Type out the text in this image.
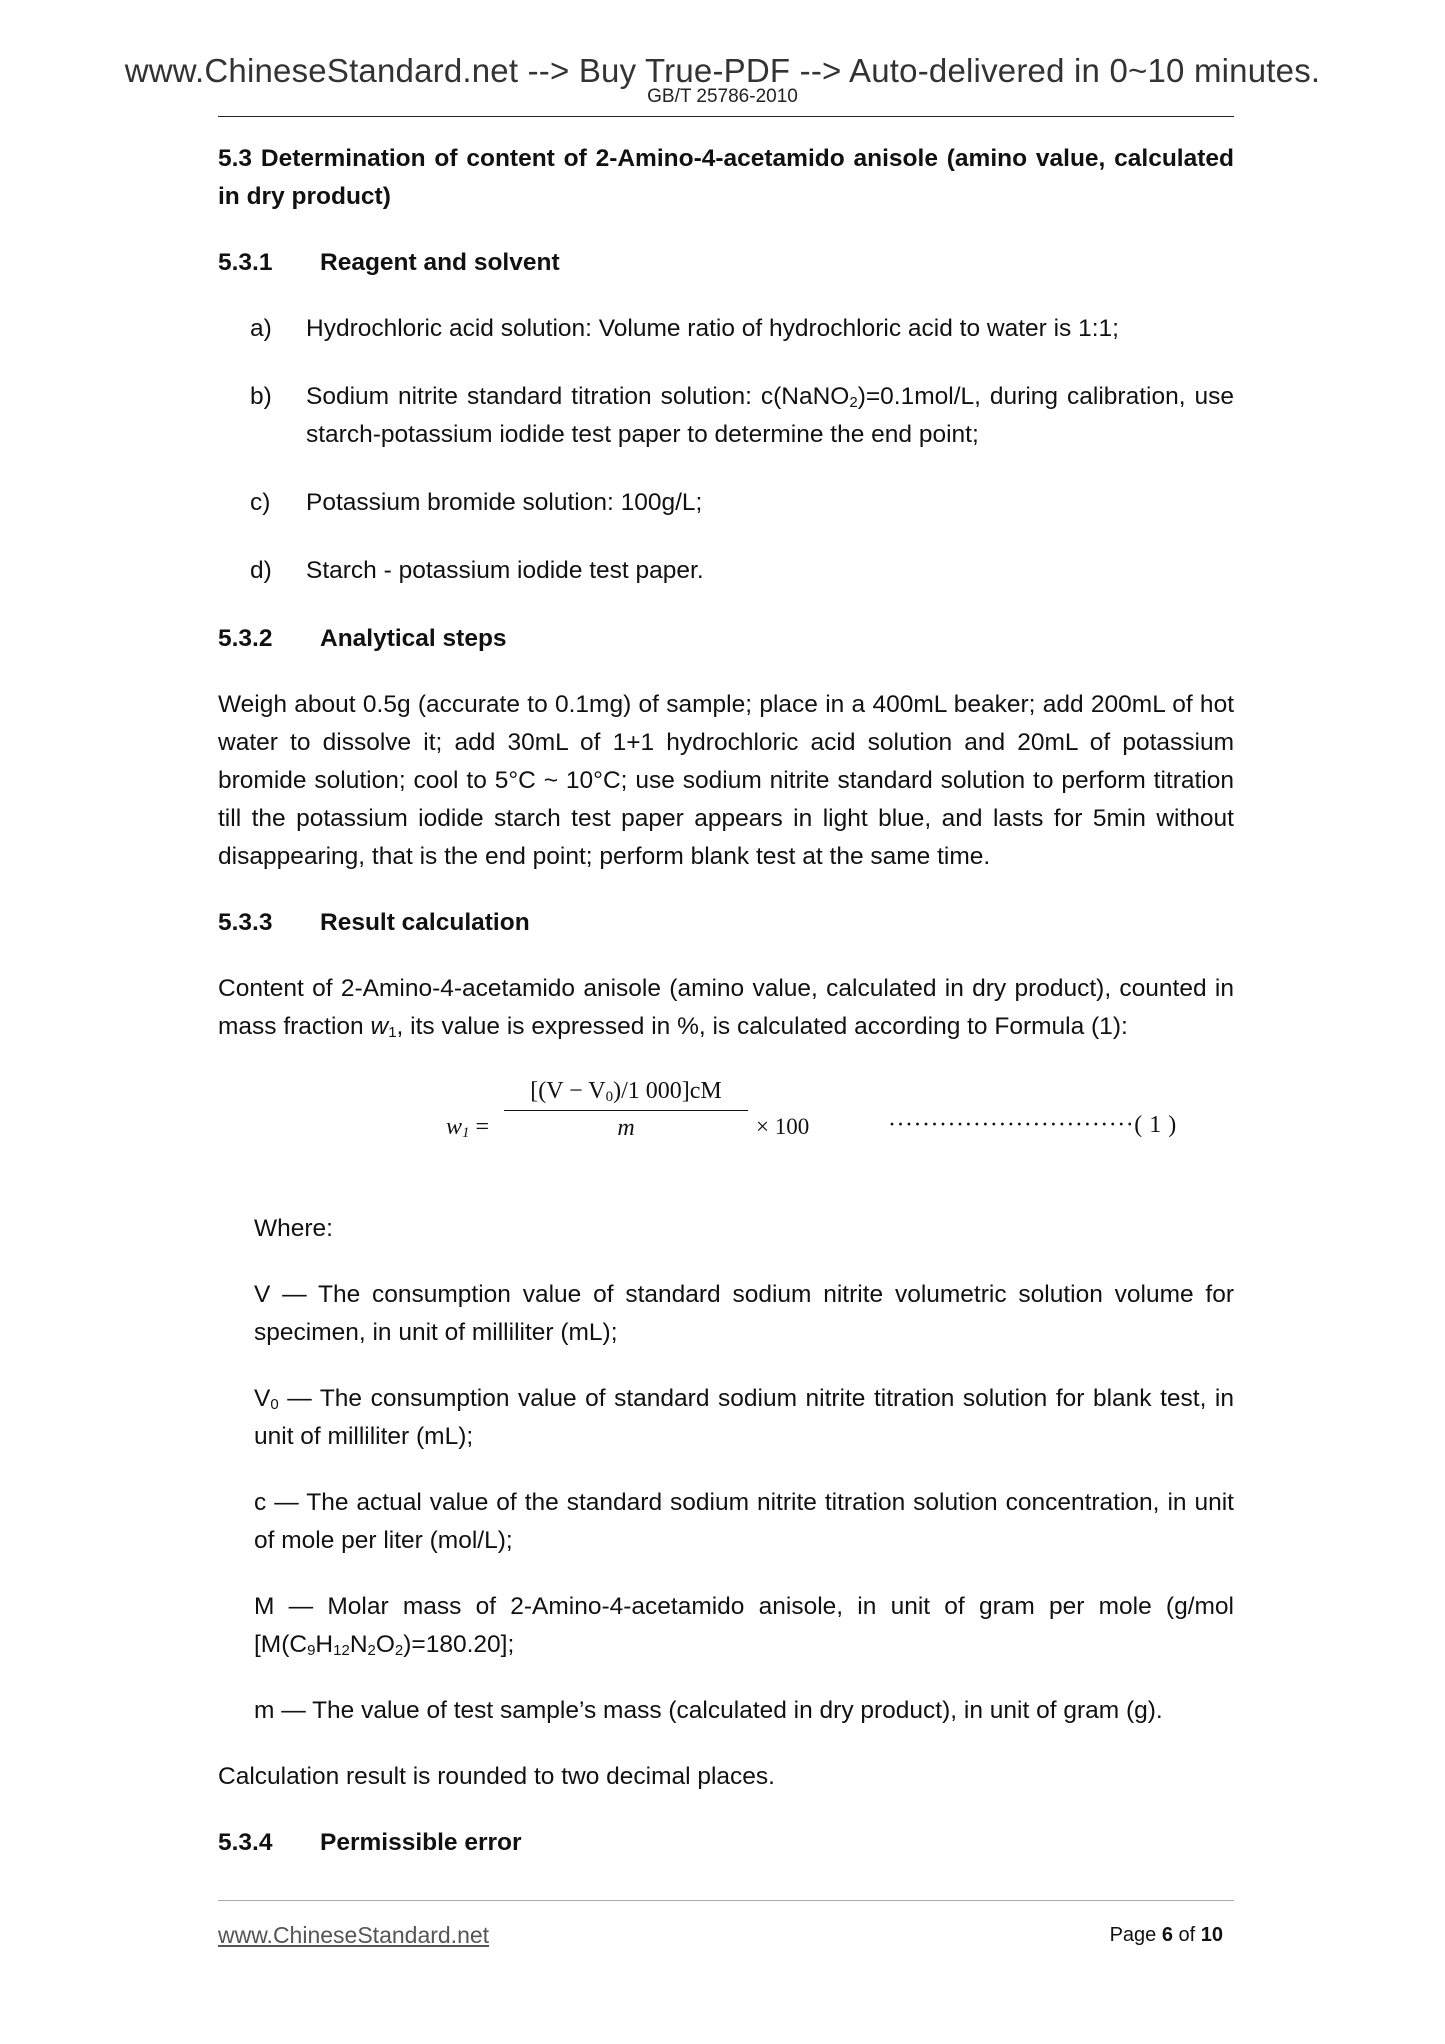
www.ChineseStandard.net --> Buy True-PDF --> Auto-delivered in 0~10 minutes.
GB/T 25786-2010
5.3 Determination of content of 2-Amino-4-acetamido anisole (amino value, calculated in dry product)
5.3.1	Reagent and solvent
a)	Hydrochloric acid solution: Volume ratio of hydrochloric acid to water is 1:1;
b)	Sodium nitrite standard titration solution: c(NaNO$_2$)=0.1mol/L, during calibration, use starch-potassium iodide test paper to determine the end point;
c)	Potassium bromide solution: 100g/L;
d)	Starch - potassium iodide test paper.
5.3.2	Analytical steps

Weigh about 0.5g (accurate to 0.1mg) of sample; place in a 400mL beaker; add 200mL of hot water to dissolve it; add 30mL of 1+1 hydrochloric acid solution and 20mL of potassium bromide solution; cool to 5°C ~ 10°C; use sodium nitrite standard solution to perform titration till the potassium iodide starch test paper appears in light blue, and lasts for 5min without disappearing, that is the end point; perform blank test at the same time.

5.3.3	Result calculation

Content of 2-Amino-4-acetamido anisole (amino value, calculated in dry product), counted in mass fraction $w_1$, its value is expressed in %, is calculated according to Formula (1):

$w_1 = \frac{[(V - V_0)/1 000]cM}{m} \times 100$	·····························( 1 )
Where:
V — The consumption value of standard sodium nitrite volumetric solution volume for specimen, in unit of milliliter (mL);
$V_0$ — The consumption value of standard sodium nitrite titration solution for blank test, in unit of milliliter (mL);
c — The actual value of the standard sodium nitrite titration solution concentration, in unit of mole per liter (mol/L);
M — Molar mass of 2-Amino-4-acetamido anisole, in unit of gram per mole (g/mol $[M(C_9H_{12}N_2O_2)=180.20]$;
m — The value of test sample’s mass (calculated in dry product), in unit of gram (g).

Calculation result is rounded to two decimal places.

5.3.4	Permissible error
www.ChineseStandard.net	Page 6 of 10
